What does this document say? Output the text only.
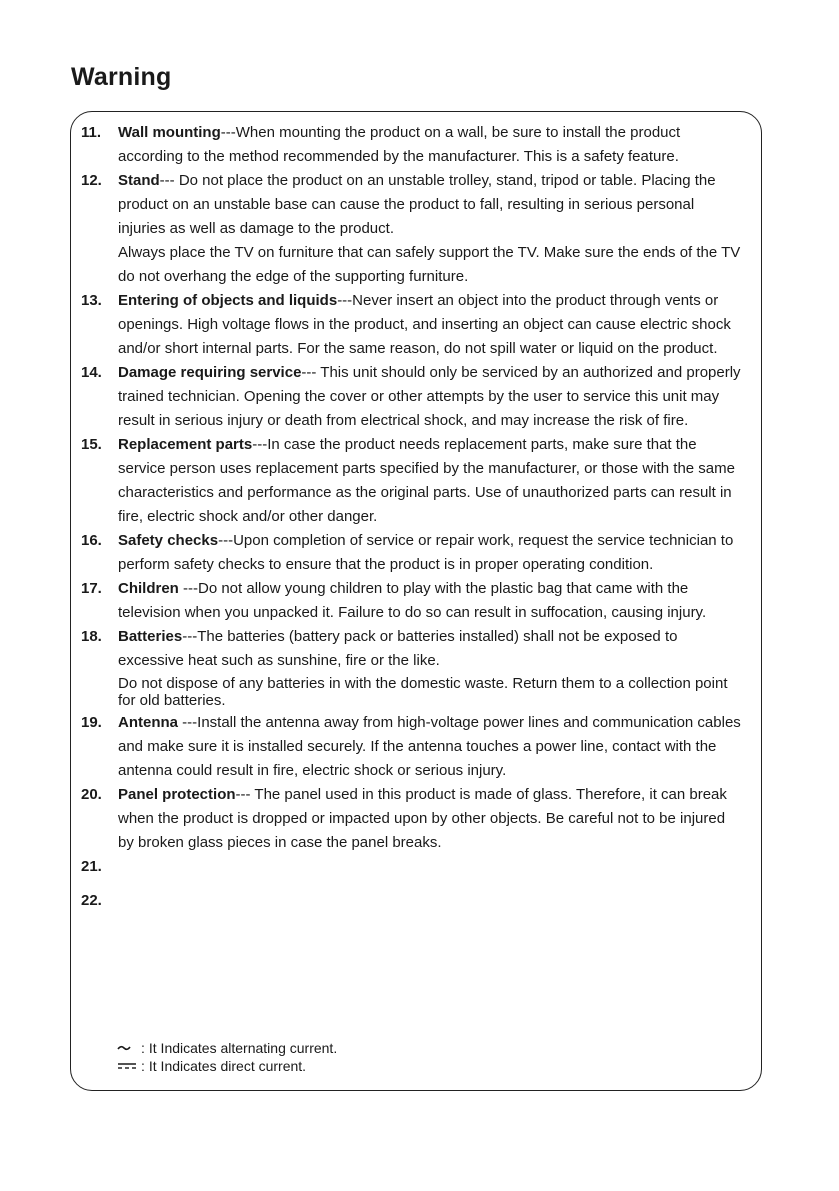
Warning
11. Wall mounting---When mounting the product on a wall, be sure to install the product according to the method recommended by the manufacturer. This is a safety feature.
12. Stand--- Do not place the product on an unstable trolley, stand, tripod or table. Placing the product on an unstable base can cause the product to fall, resulting in serious personal injuries as well as damage to the product.
Always place the TV on furniture that can safely support the TV. Make sure the ends of the TV do not overhang the edge of the supporting furniture.
13. Entering of objects and liquids---Never insert an object into the product through vents or openings. High voltage flows in the product, and inserting an object can cause electric shock and/or short internal parts. For the same reason, do not spill water or liquid on the product.
14. Damage requiring service--- This unit should only be serviced by an authorized and properly trained technician. Opening the cover or other attempts by the user to service this unit may result in serious injury or death from electrical shock, and may increase the risk of fire.
15. Replacement parts---In case the product needs replacement parts, make sure that the service person uses replacement parts specified by the manufacturer, or those with the same characteristics and performance as the original parts. Use of unauthorized parts can result in fire, electric shock and/or other danger.
16. Safety checks---Upon completion of service or repair work, request the service technician to perform safety checks to ensure that the product is in proper operating condition.
17. Children ---Do not allow young children to play with the plastic bag that came with the television when you unpacked it. Failure to do so can result in suffocation, causing injury.
18. Batteries---The batteries (battery pack or batteries installed) shall not be exposed to excessive heat such as sunshine, fire or the like.
Do not dispose of any batteries in with the domestic waste. Return them to a collection point for old batteries.
19. Antenna ---Install the antenna away from high-voltage power lines and communication cables and make sure it is installed securely. If the antenna touches a power line, contact with the antenna could result in fire, electric shock or serious injury.
20. Panel protection--- The panel used in this product is made of glass. Therefore, it can break when the product is dropped or impacted upon by other objects. Be careful not to be injured by broken glass pieces in case the panel breaks.
21.
22.
: It Indicates alternating current.
: It Indicates direct current.
